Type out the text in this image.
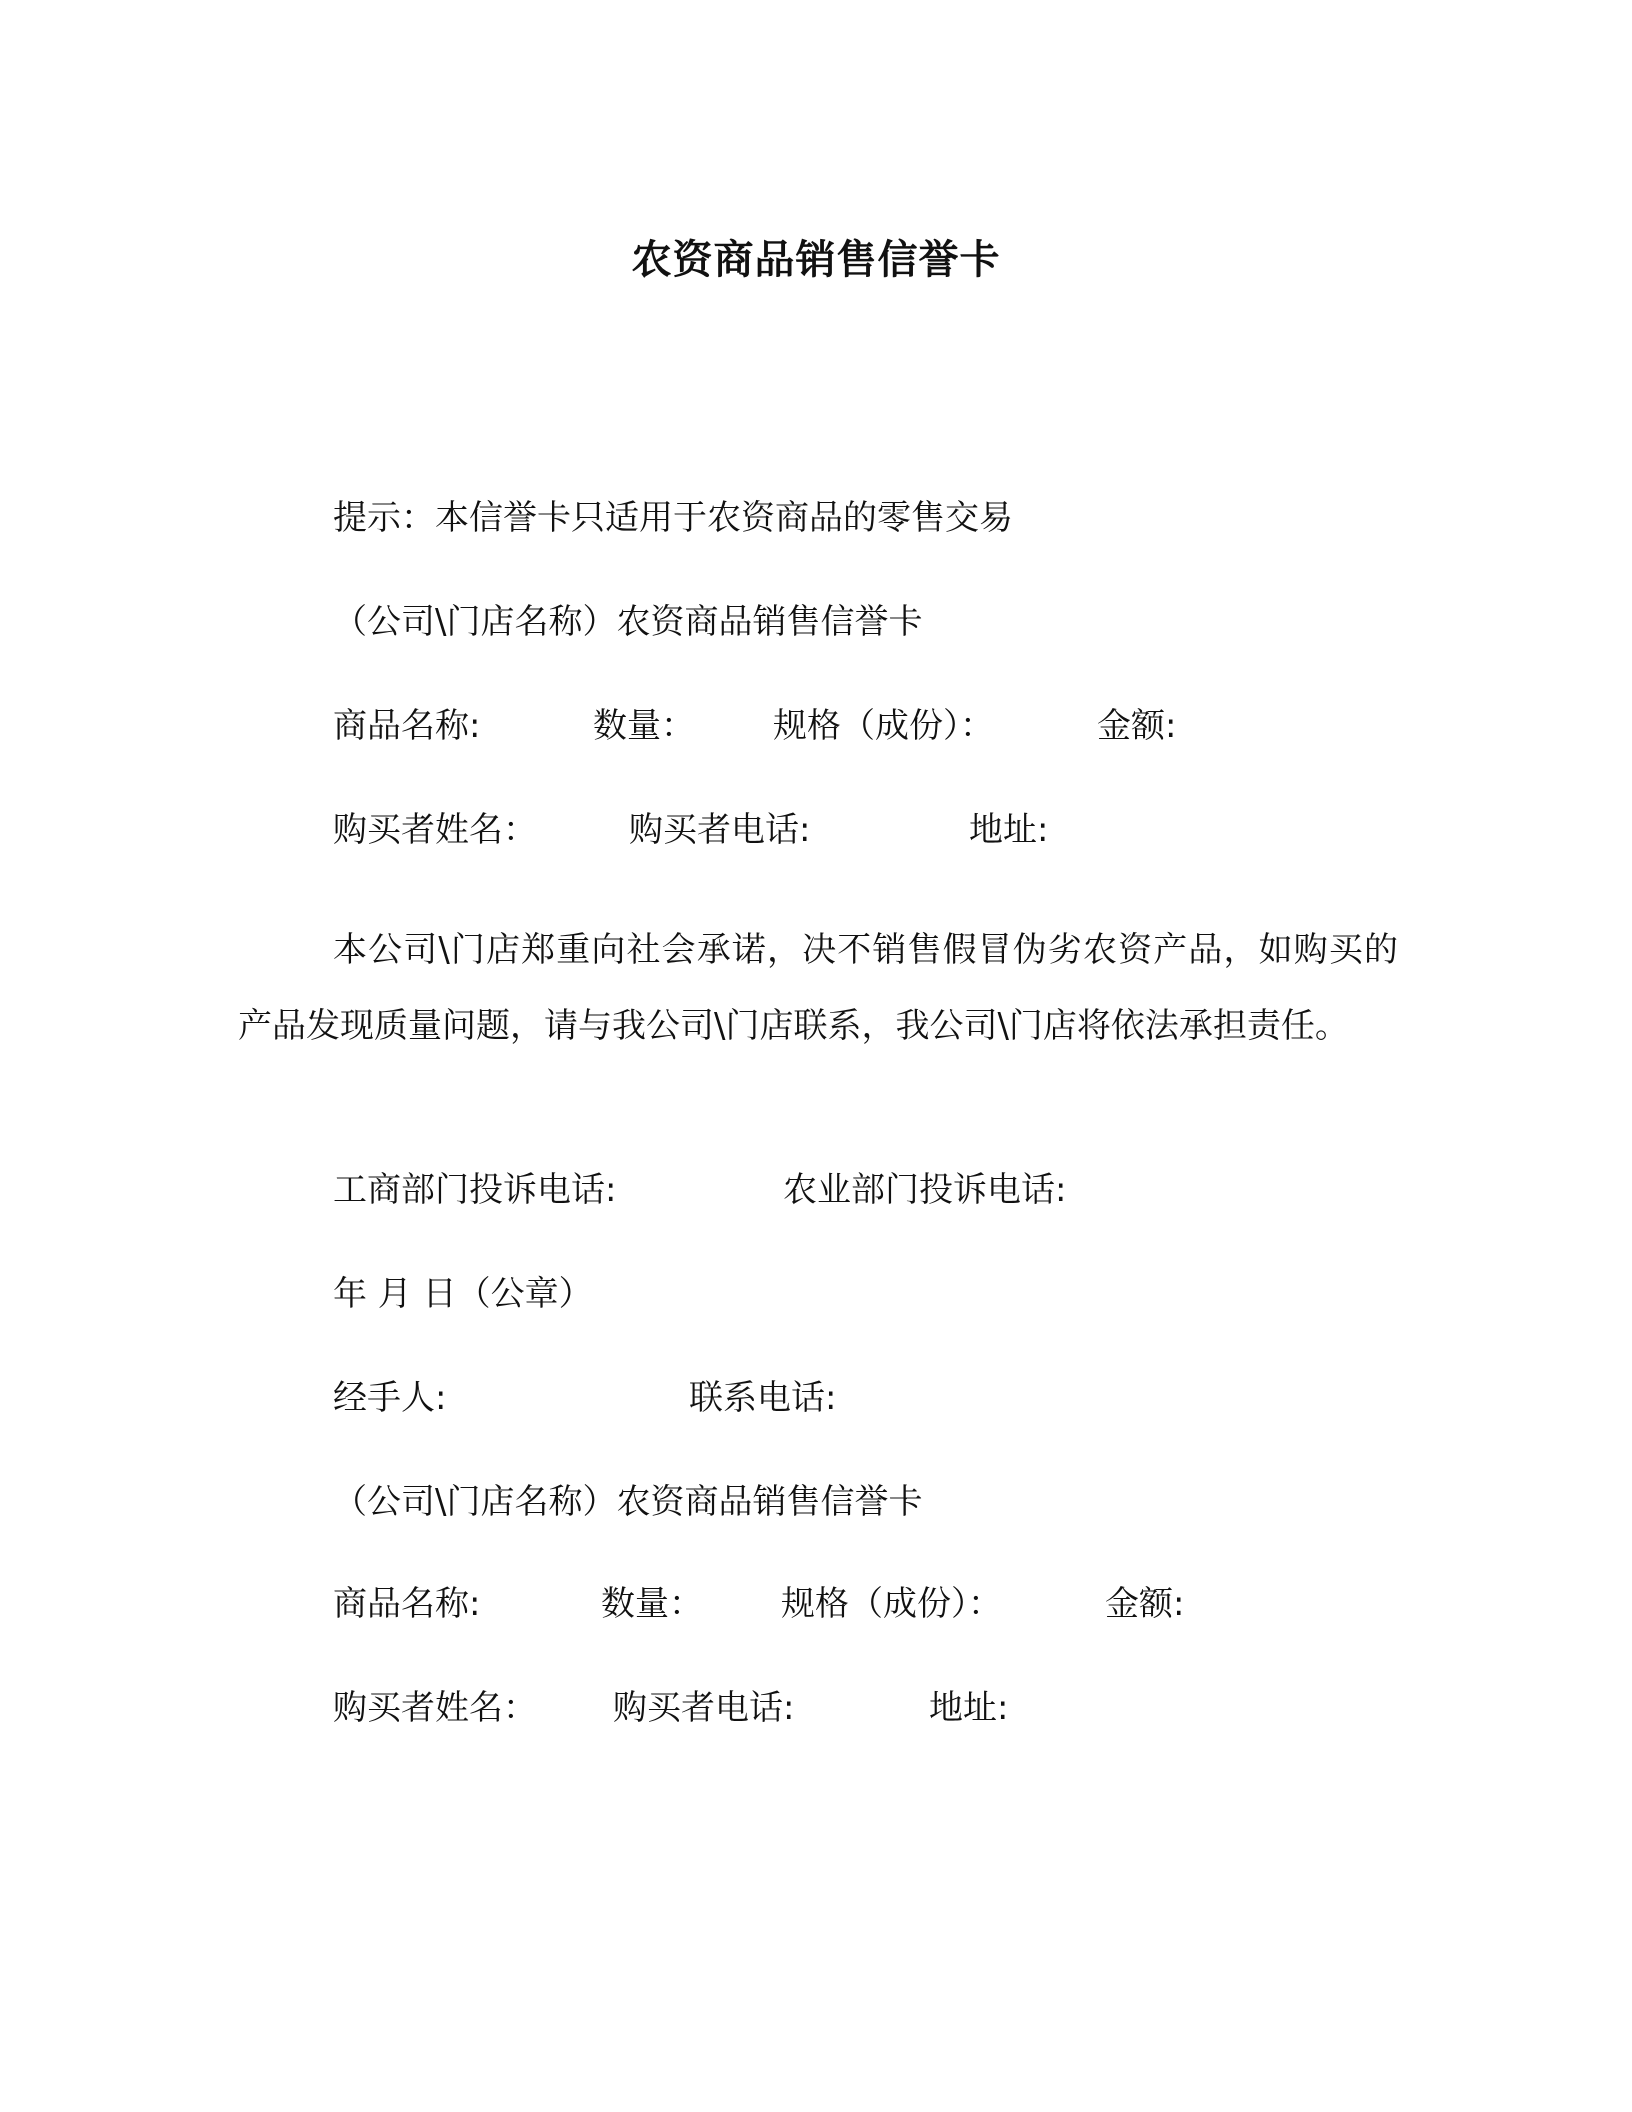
农资商品销售信誉卡
提示：本信誉卡只适用于农资商品的零售交易
（公司\门店名称）农资商品销售信誉卡
商品名称:	数量： 规格（成份）：	金额:
购买者姓名：	购买者电话:	地址:
本公司\门店郑重向社会承诺，决不销售假冒伪劣农资产品，如购买的产品发现质量问题，请与我公司\门店联系，我公司\门店将依法承担责任。
工商部门投诉电话:	农业部门投诉电话:
年 月 日（公章）
经手人:	联系电话:
（公司\门店名称）农资商品销售信誉卡
商品名称:	数量： 规格（成份）：	金额:
购买者姓名： 购买者电话:	地址:
